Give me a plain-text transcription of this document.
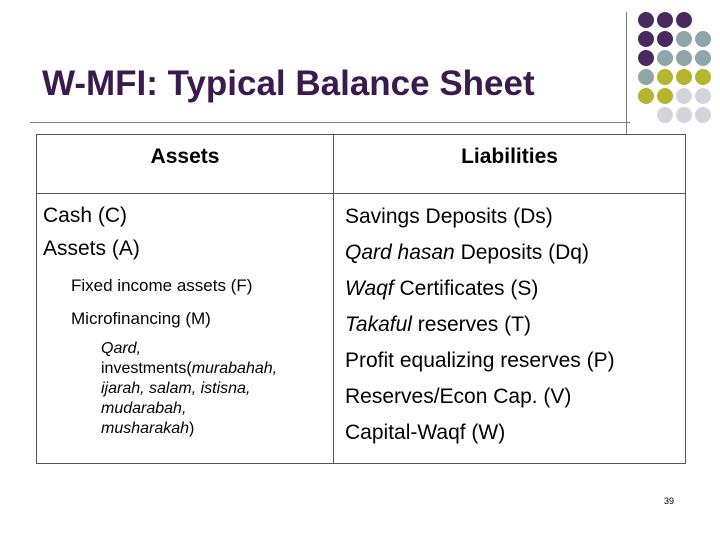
W-MFI: Typical Balance Sheet
Assets	Liabilities
Cash (C)
Assets (A)
Fixed income assets (F)
Microfinancing (M)
Qard,
investments(murabahah,
ijarah, salam, istisna,
mudarabah,
musharakah)
Savings Deposits (Ds)
Qard hasan Deposits (Dq)
Waqf Certificates (S)
Takaful reserves (T)
Profit equalizing reserves (P)
Reserves/Econ Cap. (V)
Capital-Waqf (W)
39
